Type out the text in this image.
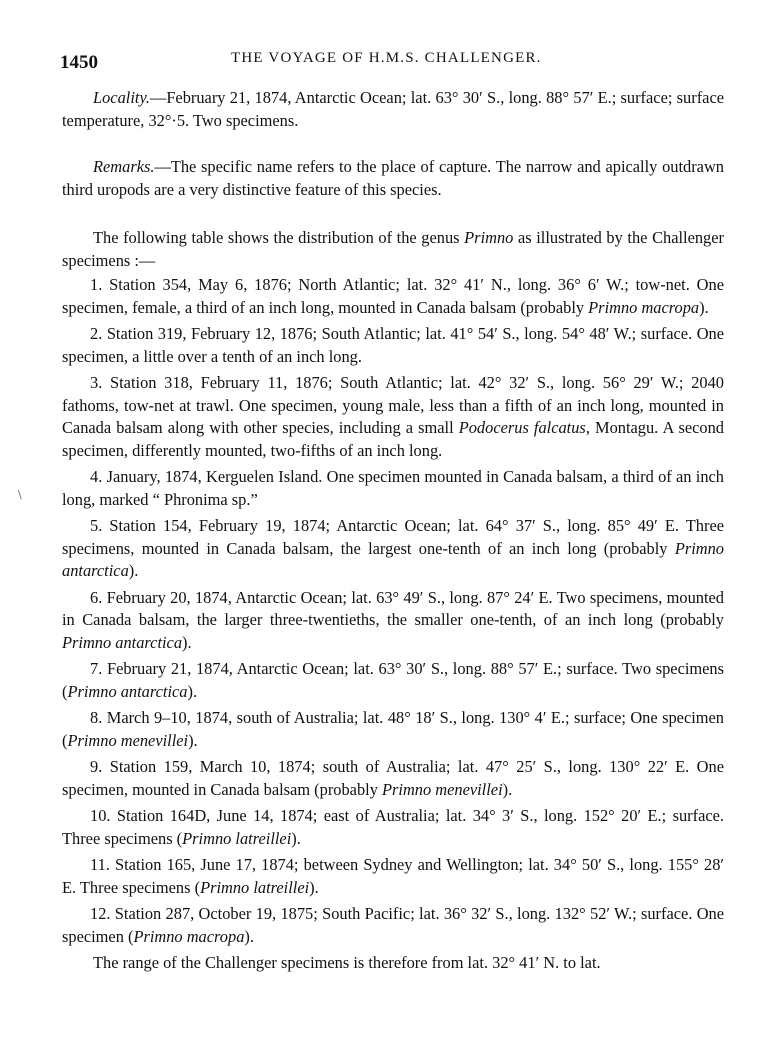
1450	THE VOYAGE OF H.M.S. CHALLENGER.
\
Locality.—February 21, 1874, Antarctic Ocean; lat. 63° 30′ S., long. 88° 57′ E.; surface; surface temperature, 32°·5. Two specimens.
Remarks.—The specific name refers to the place of capture. The narrow and apically outdrawn third uropods are a very distinctive feature of this species.
The following table shows the distribution of the genus Primno as illustrated by the Challenger specimens :—
1. Station 354, May 6, 1876; North Atlantic; lat. 32° 41′ N., long. 36° 6′ W.; tow-net. One specimen, female, a third of an inch long, mounted in Canada balsam (probably Primno macropa).
2. Station 319, February 12, 1876; South Atlantic; lat. 41° 54′ S., long. 54° 48′ W.; surface. One specimen, a little over a tenth of an inch long.
3. Station 318, February 11, 1876; South Atlantic; lat. 42° 32′ S., long. 56° 29′ W.; 2040 fathoms, tow-net at trawl. One specimen, young male, less than a fifth of an inch long, mounted in Canada balsam along with other species, including a small Podocerus falcatus, Montagu. A second specimen, differently mounted, two-fifths of an inch long.
4. January, 1874, Kerguelen Island. One specimen mounted in Canada balsam, a third of an inch long, marked “ Phronima sp.”
5. Station 154, February 19, 1874; Antarctic Ocean; lat. 64° 37′ S., long. 85° 49′ E. Three specimens, mounted in Canada balsam, the largest one-tenth of an inch long (probably Primno antarctica).
6. February 20, 1874, Antarctic Ocean; lat. 63° 49′ S., long. 87° 24′ E. Two specimens, mounted in Canada balsam, the larger three-twentieths, the smaller one-tenth, of an inch long (probably Primno antarctica).
7. February 21, 1874, Antarctic Ocean; lat. 63° 30′ S., long. 88° 57′ E.; surface. Two specimens (Primno antarctica).
8. March 9–10, 1874, south of Australia; lat. 48° 18′ S., long. 130° 4′ E.; surface; One specimen (Primno menevillei).
9. Station 159, March 10, 1874; south of Australia; lat. 47° 25′ S., long. 130° 22′ E. One specimen, mounted in Canada balsam (probably Primno menevillei).
10. Station 164D, June 14, 1874; east of Australia; lat. 34° 3′ S., long. 152° 20′ E.; surface. Three specimens (Primno latreillei).
11. Station 165, June 17, 1874; between Sydney and Wellington; lat. 34° 50′ S., long. 155° 28′ E. Three specimens (Primno latreillei).
12. Station 287, October 19, 1875; South Pacific; lat. 36° 32′ S., long. 132° 52′ W.; surface. One specimen (Primno macropa).
The range of the Challenger specimens is therefore from lat. 32° 41′ N. to lat.
